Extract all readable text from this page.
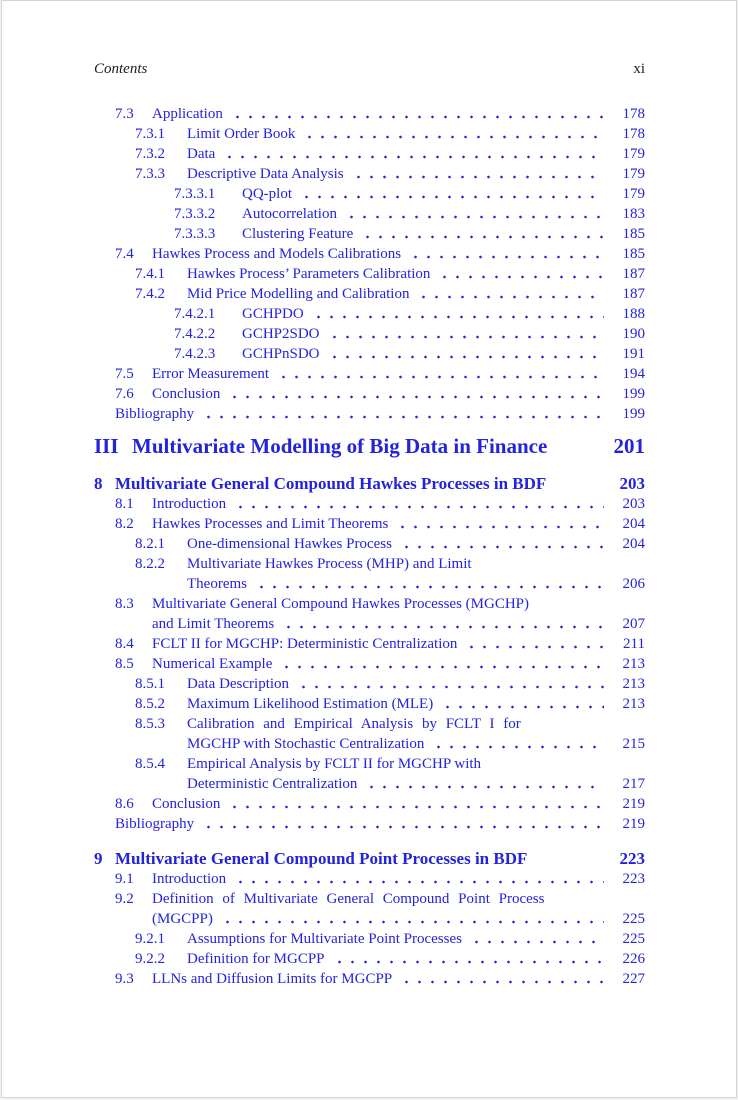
Contents	xi
7.3 Application	178
7.3.1 Limit Order Book	178
7.3.2 Data	179
7.3.3 Descriptive Data Analysis	179
7.3.3.1 QQ-plot	179
7.3.3.2 Autocorrelation	183
7.3.3.3 Clustering Feature	185
7.4 Hawkes Process and Models Calibrations	185
7.4.1 Hawkes Process’ Parameters Calibration	187
7.4.2 Mid Price Modelling and Calibration	187
7.4.2.1 GCHPDO	188
7.4.2.2 GCHP2SDO	190
7.4.2.3 GCHPnSDO	191
7.5 Error Measurement	194
7.6 Conclusion	199
Bibliography	199
III Multivariate Modelling of Big Data in Finance	201
8 Multivariate General Compound Hawkes Processes in BDF	203
8.1 Introduction	203
8.2 Hawkes Processes and Limit Theorems	204
8.2.1 One-dimensional Hawkes Process	204
8.2.2 Multivariate Hawkes Process (MHP) and Limit
Theorems	206
8.3 Multivariate General Compound Hawkes Processes (MGCHP)
and Limit Theorems	207
8.4 FCLT II for MGCHP: Deterministic Centralization	211
8.5 Numerical Example	213
8.5.1 Data Description	213
8.5.2 Maximum Likelihood Estimation (MLE)	213
8.5.3 Calibration and Empirical Analysis by FCLT I for
MGCHP with Stochastic Centralization	215
8.5.4 Empirical Analysis by FCLT II for MGCHP with
Deterministic Centralization	217
8.6 Conclusion	219
Bibliography	219
9 Multivariate General Compound Point Processes in BDF	223
9.1 Introduction	223
9.2 Definition of Multivariate General Compound Point Process
(MGCPP)	225
9.2.1 Assumptions for Multivariate Point Processes	225
9.2.2 Definition for MGCPP	226
9.3 LLNs and Diffusion Limits for MGCPP	227
